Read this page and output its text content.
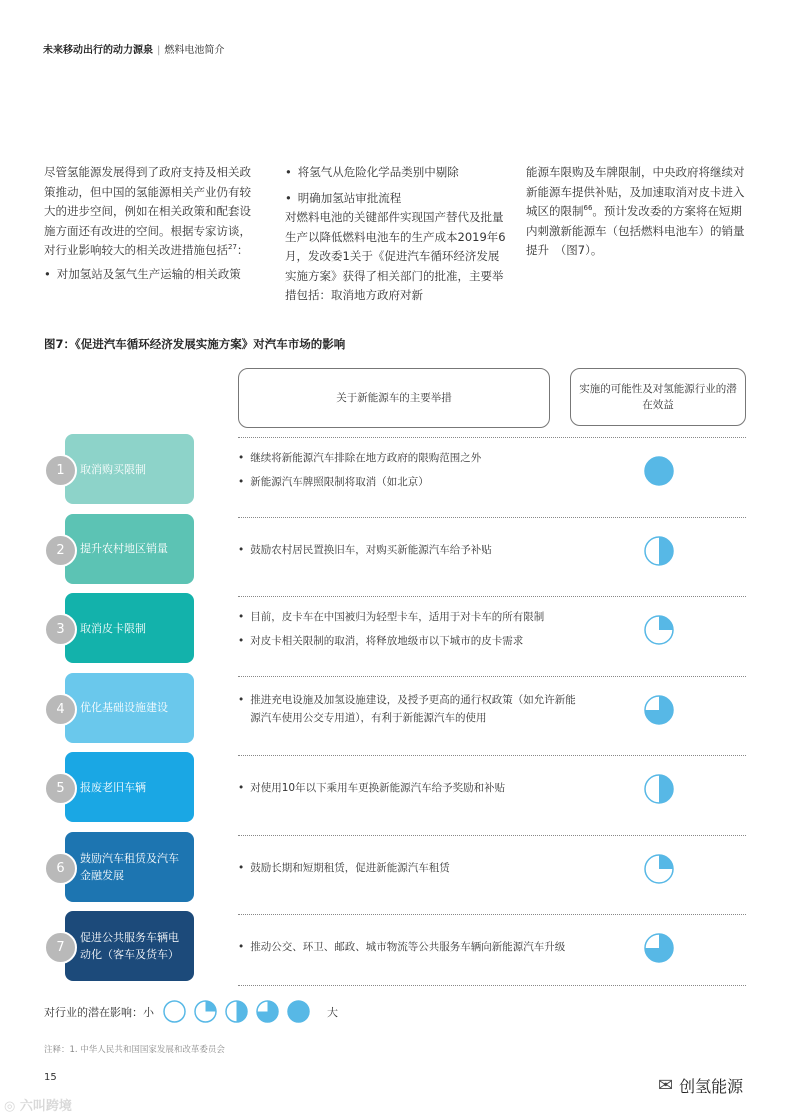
未来移动出行的动力源泉 | 燃料电池简介

尽管氢能源发展得到了政府支持及相关政策推动，但中国的氢能源相关产业仍有较大的进步空间，例如在相关政策和配套设施方面还有改进的空间。根据专家访谈，对行业影响较大的相关改进措施包括$^{27}$：

• 对加氢站及氢气生产运输的相关政策
• 将氢气从危险化学品类别中剔除
• 明确加氢站审批流程

对燃料电池的关键部件实现国产替代及批量生产以降低燃料电池车的生产成本2019年6月，发改委1关于《促进汽车循环经济发展实施方案》获得了相关部门的批准，主要举措包括：取消地方政府对新

能源车限购及车牌限制，中央政府将继续对新能源车提供补贴，及加速取消对皮卡进入城区的限制$^{66}$。预计发改委的方案将在短期内刺激新能源车（包括燃料电池车）的销量提升　（图7）。

图7：《促进汽车循环经济发展实施方案》对汽车市场的影响
关于新能源车的主要举措
实施的可能性及对氢能源行业的潜在效益
取消购买限制
1
• 继续将新能源汽车排除在地方政府的限购范围之外
• 新能源汽车牌照限制将取消（如北京）
提升农村地区销量
2	• 鼓励农村居民置换旧车，对购买新能源汽车给予补贴
取消皮卡限制
3
• 目前，皮卡车在中国被归为轻型卡车，适用于对卡车的所有限制
• 对皮卡相关限制的取消，将释放地级市以下城市的皮卡需求
优化基础设施建设
4
• 推进充电设施及加氢设施建设，及授予更高的通行权政策（如允许新能源汽车使用公交专用道），有利于新能源汽车的使用
报废老旧车辆
5	• 对使用10年以下乘用车更换新能源汽车给予奖励和补贴
鼓励汽车租赁及汽车金融发展
6	• 鼓励长期和短期租赁，促进新能源汽车租赁
促进公共服务车辆电动化（客车及货车）
7	• 推动公交、环卫、邮政、城市物流等公共服务车辆向新能源汽车升级
对行业的潜在影响：小	大
注释：1. 中华人民共和国国家发展和改革委员会
15
◎ 六叫跨境
✉ 创氢能源
